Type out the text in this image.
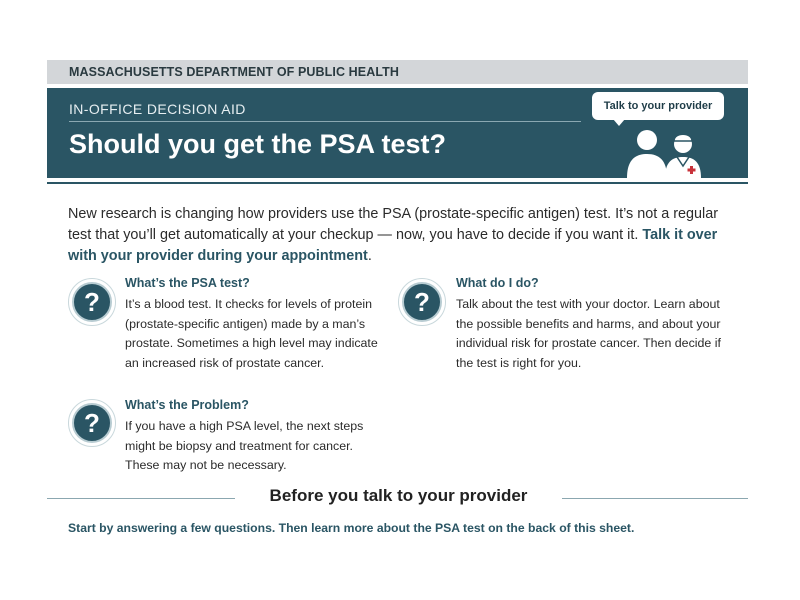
MASSACHUSETTS DEPARTMENT OF PUBLIC HEALTH
IN-OFFICE DECISION AID
Should you get the PSA test?
Talk to your provider
New research is changing how providers use the PSA (prostate-specific antigen) test. It’s not a regular test that you’ll get automatically at your checkup — now, you have to decide if you want it. Talk it over with your provider during your appointment.
?
What’s the PSA test?
It’s a blood test. It checks for levels of protein (prostate-specific antigen) made by a man’s prostate. Sometimes a high level may indicate an increased risk of prostate cancer.
?
What’s the Problem?
If you have a high PSA level, the next steps might be biopsy and treatment for cancer. These may not be necessary.
?
What do I do?
Talk about the test with your doctor. Learn about the possible benefits and harms, and about your individual risk for prostate cancer. Then decide if the test is right for you.
Before you talk to your provider
Start by answering a few questions. Then learn more about the PSA test on the back of this sheet.
